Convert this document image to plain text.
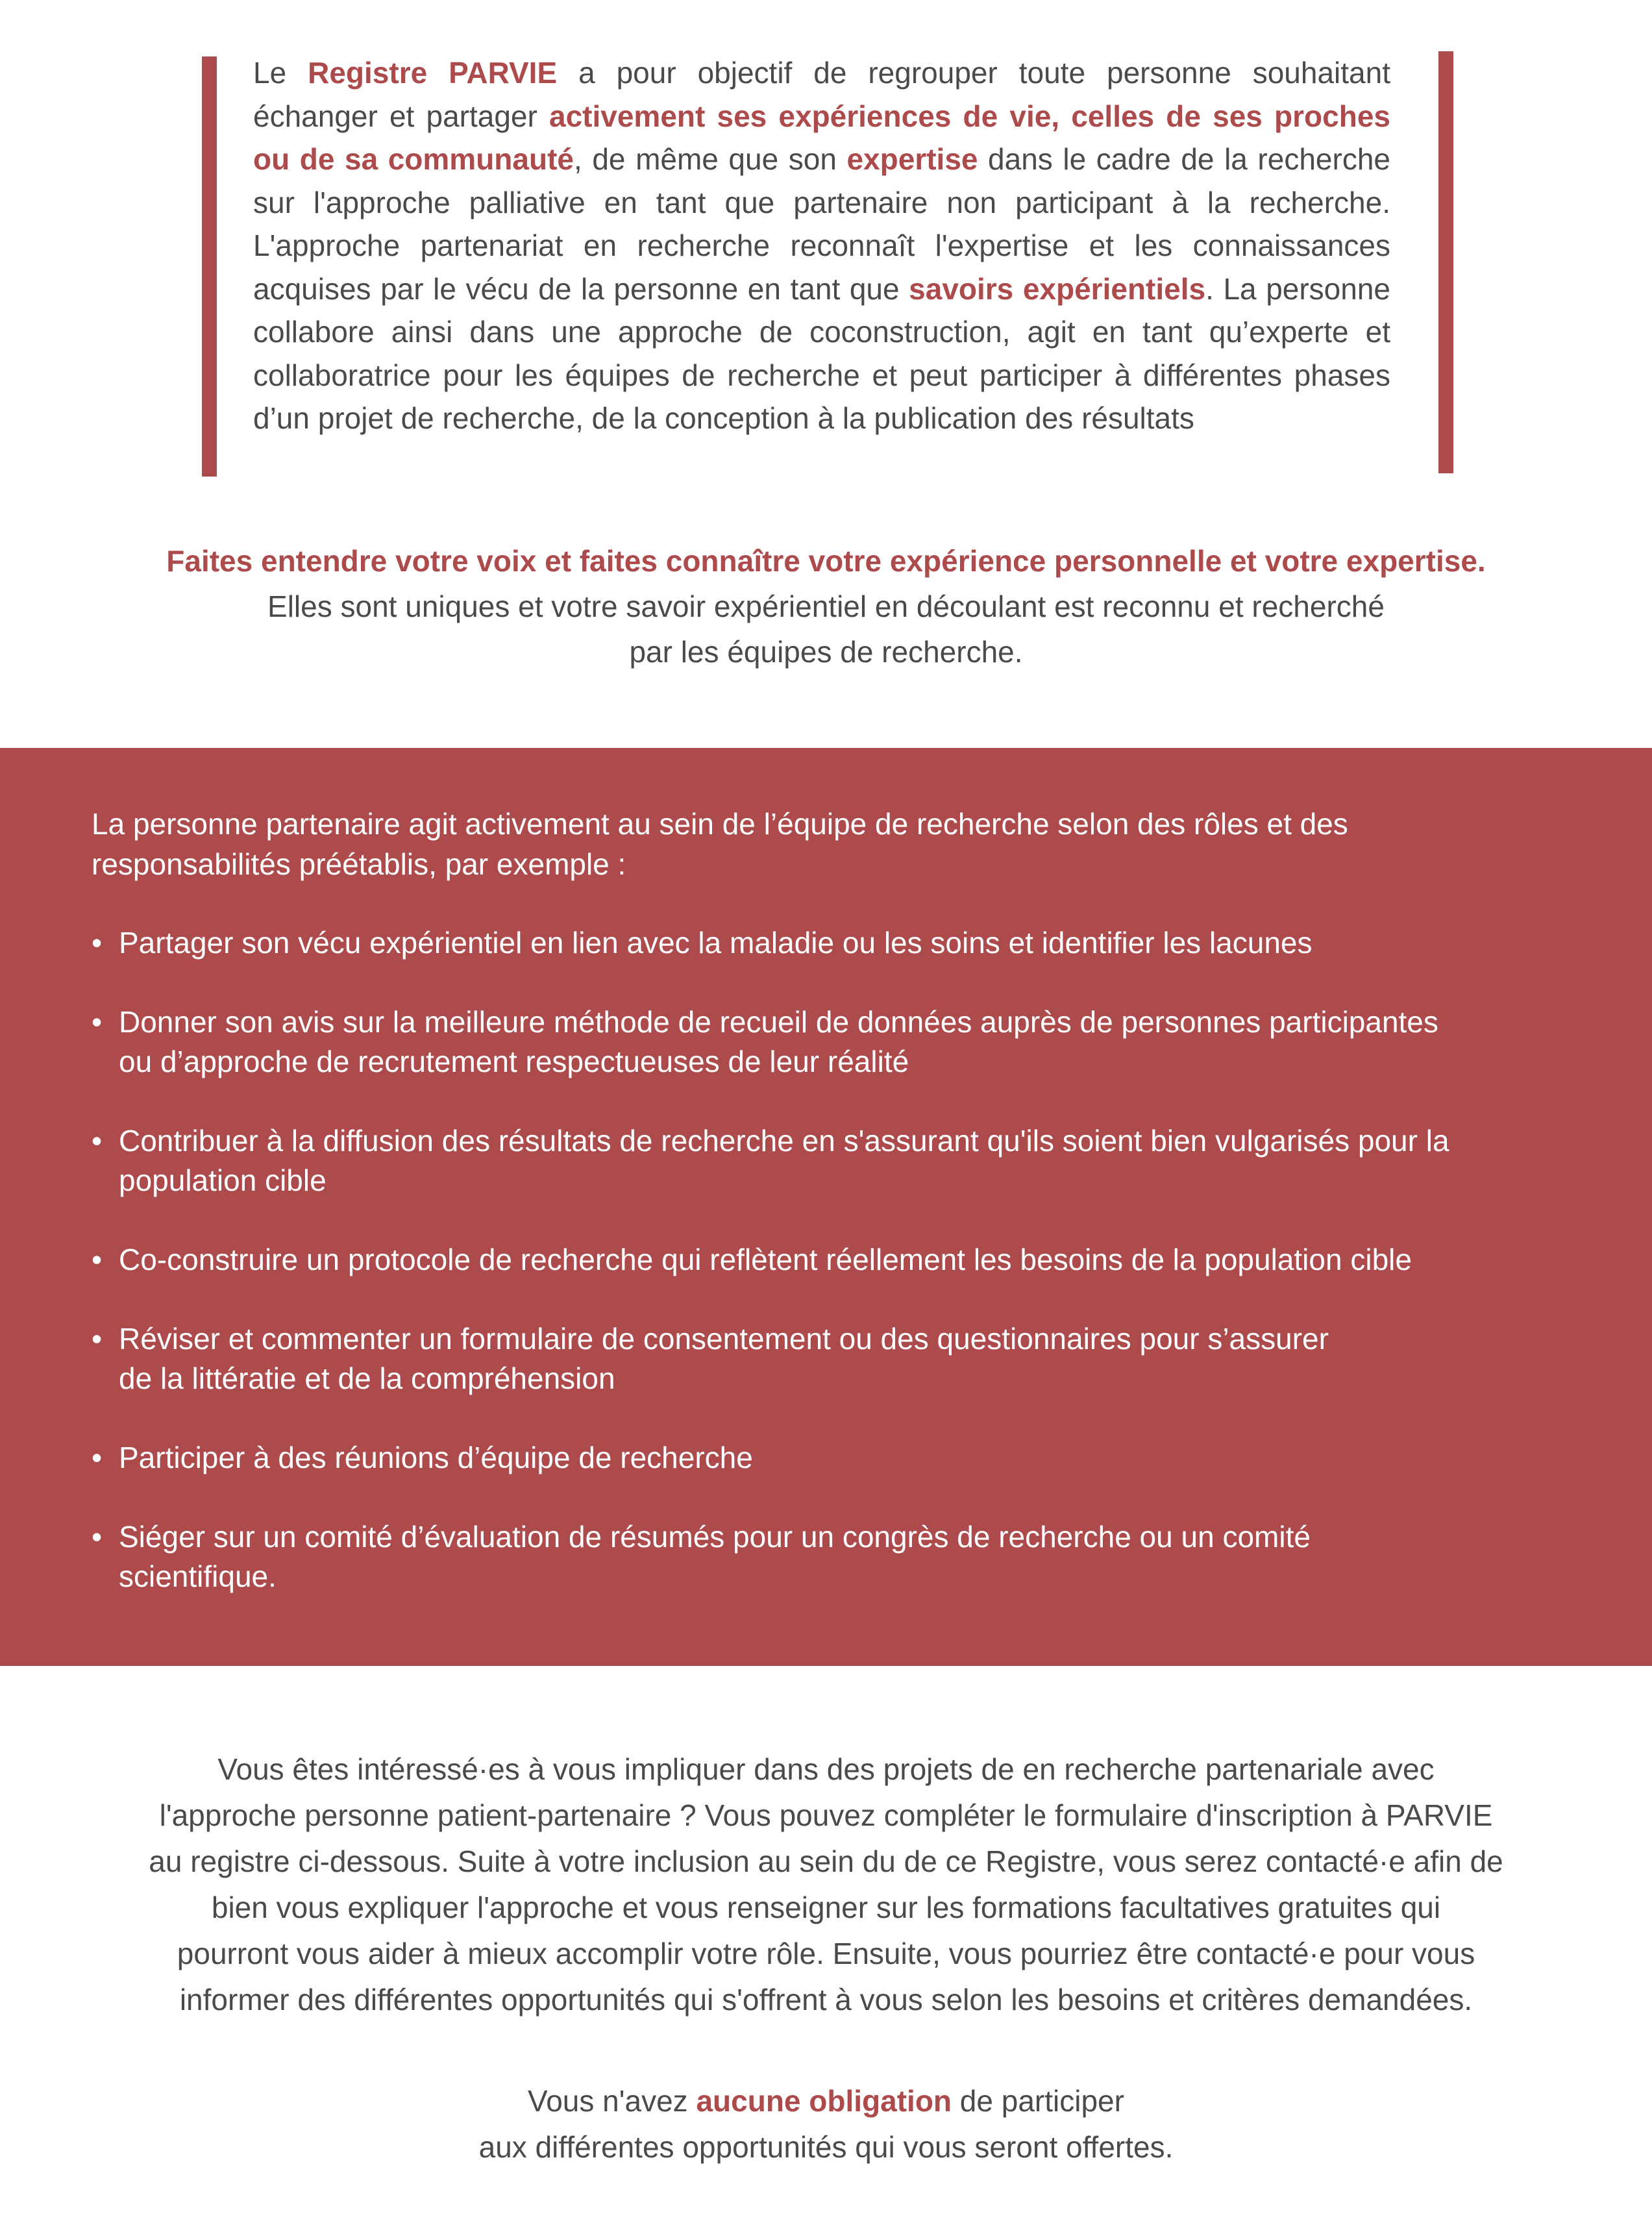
Le Registre PARVIE a pour objectif de regrouper toute personne souhaitant échanger et partager activement ses expériences de vie, celles de ses proches ou de sa communauté, de même que son expertise dans le cadre de la recherche sur l'approche palliative en tant que partenaire non participant à la recherche. L'approche partenariat en recherche reconnaît l'expertise et les connaissances acquises par le vécu de la personne en tant que savoirs expérientiels. La personne collabore ainsi dans une approche de coconstruction, agit en tant qu’experte et collaboratrice pour les équipes de recherche et peut participer à différentes phases d’un projet de recherche, de la conception à la publication des résultats

Faites entendre votre voix et faites connaître votre expérience personnelle et votre expertise.

Elles sont uniques et votre savoir expérientiel en découlant est reconnu et recherché

par les équipes de recherche.

La personne partenaire agit activement au sein de l’équipe de recherche selon des rôles et des
responsabilités préétablis, par exemple :

• Partager son vécu expérientiel en lien avec la maladie ou les soins et identifier les lacunes
• Donner son avis sur la meilleure méthode de recueil de données auprès de personnes participantes
ou d’approche de recrutement respectueuses de leur réalité
• Contribuer à la diffusion des résultats de recherche en s'assurant qu'ils soient bien vulgarisés pour la
population cible
• Co-construire un protocole de recherche qui reflètent réellement les besoins de la population cible
• Réviser et commenter un formulaire de consentement ou des questionnaires pour s’assurer
de la littératie et de la compréhension
• Participer à des réunions d’équipe de recherche
• Siéger sur un comité d’évaluation de résumés pour un congrès de recherche ou un comité
scientifique.

Vous êtes intéressé·es à vous impliquer dans des projets de en recherche partenariale avec

l'approche personne patient-partenaire ? Vous pouvez compléter le formulaire d'inscription à PARVIE

au registre ci-dessous. Suite à votre inclusion au sein du de ce Registre, vous serez contacté·e afin de

bien vous expliquer l'approche et vous renseigner sur les formations facultatives gratuites qui

pourront vous aider à mieux accomplir votre rôle. Ensuite, vous pourriez être contacté·e pour vous

informer des différentes opportunités qui s'offrent à vous selon les besoins et critères demandées.

Vous n'avez aucune obligation de participer

aux différentes opportunités qui vous seront offertes.
